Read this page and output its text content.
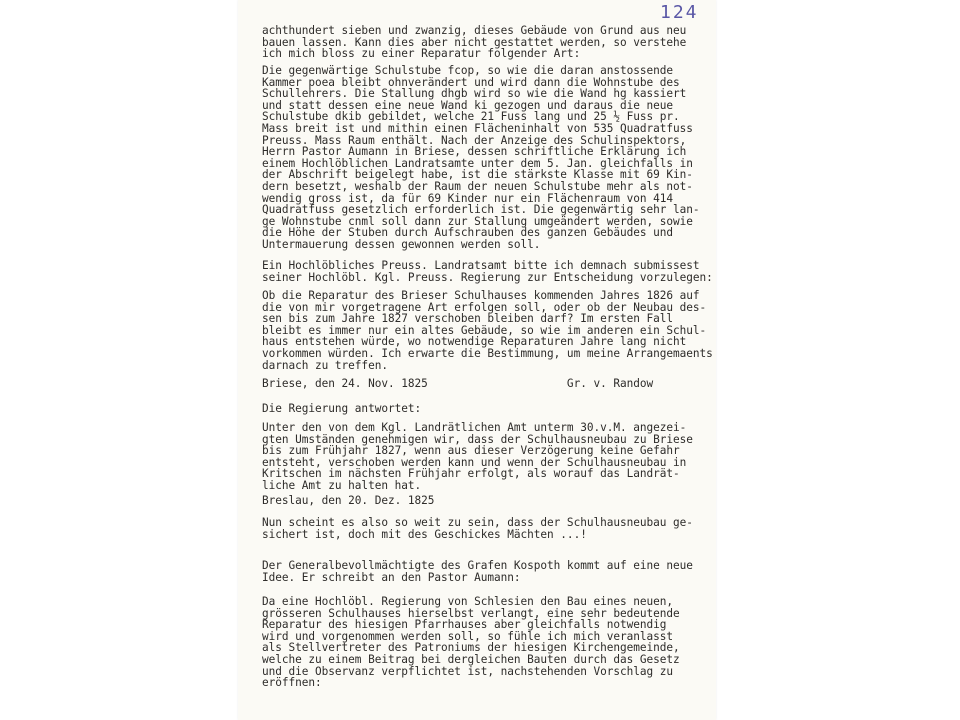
124
achthundert sieben und zwanzig, dieses Gebäude von Grund aus neu
bauen lassen. Kann dies aber nicht gestattet werden, so verstehe
ich mich bloss zu einer Reparatur folgender Art:
Die gegenwärtige Schulstube fcop, so wie die daran anstossende
Kammer poea bleibt ohnverändert und wird dann die Wohnstube des
Schullehrers. Die Stallung dhgb wird so wie die Wand hg kassiert
und statt dessen eine neue Wand ki gezogen und daraus die neue
Schulstube dkib gebildet, welche 21 Fuss lang und 25 ½ Fuss pr.
Mass breit ist und mithin einen Flächeninhalt von 535 Quadratfuss
Preuss. Mass Raum enthält. Nach der Anzeige des Schulinspektors,
Herrn Pastor Aumann in Briese, dessen schriftliche Erklärung ich
einem Hochlöblichen Landratsamte unter dem 5. Jan. gleichfalls in
der Abschrift beigelegt habe, ist die stärkste Klasse mit 69 Kin-
dern besetzt, weshalb der Raum der neuen Schulstube mehr als not-
wendig gross ist, da für 69 Kinder nur ein Flächenraum von 414
Quadratfuss gesetzlich erforderlich ist. Die gegenwärtig sehr lan-
ge Wohnstube cnml soll dann zur Stallung umgeändert werden, sowie
die Höhe der Stuben durch Aufschrauben des ganzen Gebäudes und
Untermauerung dessen gewonnen werden soll.
Ein Hochlöbliches Preuss. Landratsamt bitte ich demnach submissest
seiner Hochlöbl. Kgl. Preuss. Regierung zur Entscheidung vorzulegen:
Ob die Reparatur des Brieser Schulhauses kommenden Jahres 1826 auf
die von mir vorgetragene Art erfolgen soll, oder ob der Neubau des-
sen bis zum Jahre 1827 verschoben bleiben darf? Im ersten Fall
bleibt es immer nur ein altes Gebäude, so wie im anderen ein Schul-
haus entstehen würde, wo notwendige Reparaturen Jahre lang nicht
vorkommen würden. Ich erwarte die Bestimmung, um meine Arrangemaents
darnach zu treffen.
Briese, den 24. Nov. 1825                     Gr. v. Randow
Die Regierung antwortet:
Unter den von dem Kgl. Landrätlichen Amt unterm 30.v.M. angezei-
gten Umständen genehmigen wir, dass der Schulhausneubau zu Briese
bis zum Frühjahr 1827, wenn aus dieser Verzögerung keine Gefahr
entsteht, verschoben werden kann und wenn der Schulhausneubau in
Kritschen im nächsten Frühjahr erfolgt, als worauf das Landrät-
liche Amt zu halten hat.
Breslau, den 20. Dez. 1825
Nun scheint es also so weit zu sein, dass der Schulhausneubau ge-
sichert ist, doch mit des Geschickes Mächten ...!
Der Generalbevollmächtigte des Grafen Kospoth kommt auf eine neue
Idee. Er schreibt an den Pastor Aumann:
Da eine Hochlöbl. Regierung von Schlesien den Bau eines neuen,
grösseren Schulhauses hierselbst verlangt, eine sehr bedeutende
Reparatur des hiesigen Pfarrhauses aber gleichfalls notwendig
wird und vorgenommen werden soll, so fühle ich mich veranlasst
als Stellvertreter des Patroniums der hiesigen Kirchengemeinde,
welche zu einem Beitrag bei dergleichen Bauten durch das Gesetz
und die Observanz verpflichtet ist, nachstehenden Vorschlag zu
eröffnen:
